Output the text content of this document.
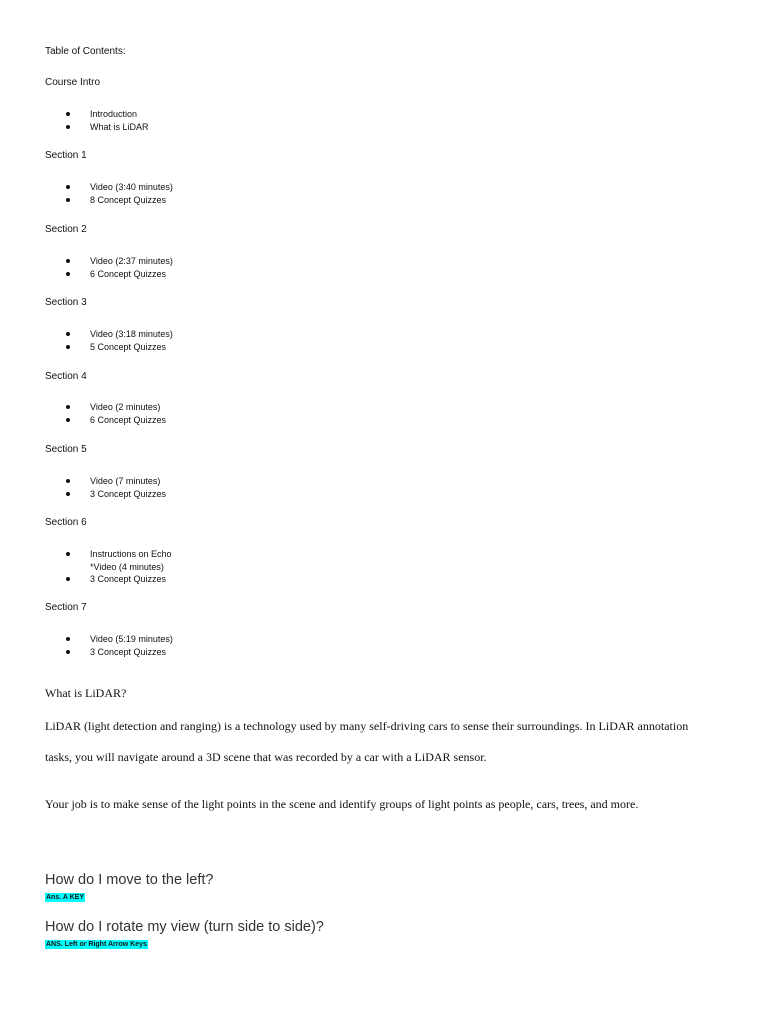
Table of Contents:
Course Intro
Introduction
What is LiDAR
Section 1
Video (3:40 minutes)
8 Concept Quizzes
Section 2
Video (2:37 minutes)
6 Concept Quizzes
Section 3
Video (3:18 minutes)
5 Concept Quizzes
Section 4
Video (2 minutes)
6 Concept Quizzes
Section 5
Video (7 minutes)
3 Concept Quizzes
Section 6
Instructions on Echo
*Video (4 minutes)
3 Concept Quizzes
Section 7
Video (5:19 minutes)
3 Concept Quizzes
What is LiDAR?
LiDAR (light detection and ranging) is a technology used by many self-driving cars to sense their surroundings. In LiDAR annotation
tasks, you will navigate around a 3D scene that was recorded by a car with a LiDAR sensor.
Your job is to make sense of the light points in the scene and identify groups of light points as people, cars, trees, and more.
How do I move to the left?
Ans. A KEY
How do I rotate my view (turn side to side)?
ANS. Left or Right Arrow Keys
